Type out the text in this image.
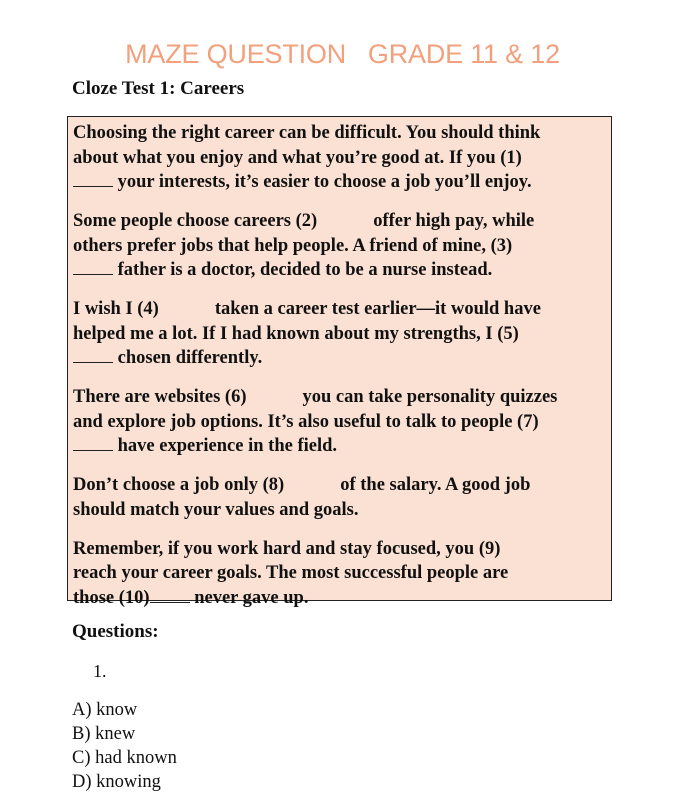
MAZE QUESTION   GRADE 11 & 12
Cloze Test 1: Careers

Choosing the right career can be difficult. You should think
about what you enjoy and what you’re good at. If you (1)
your interests, it’s easier to choose a job you’ll enjoy.

Some people choose careers (2)	offer high pay, while
others prefer jobs that help people. A friend of mine, (3)
father is a doctor, decided to be a nurse instead.

I wish I (4)	taken a career test earlier—it would have
helped me a lot. If I had known about my strengths, I (5)
chosen differently.

There are websites (6)	you can take personality quizzes
and explore job options. It’s also useful to talk to people (7)
have experience in the field.

Don’t choose a job only (8)	of the salary. A good job
should match your values and goals.

Remember, if you work hard and stay focused, you (9)
reach your career goals. The most successful people are
those (10) never gave up.

Questions:
1.
A) know
B) knew
C) had known
D) knowing
